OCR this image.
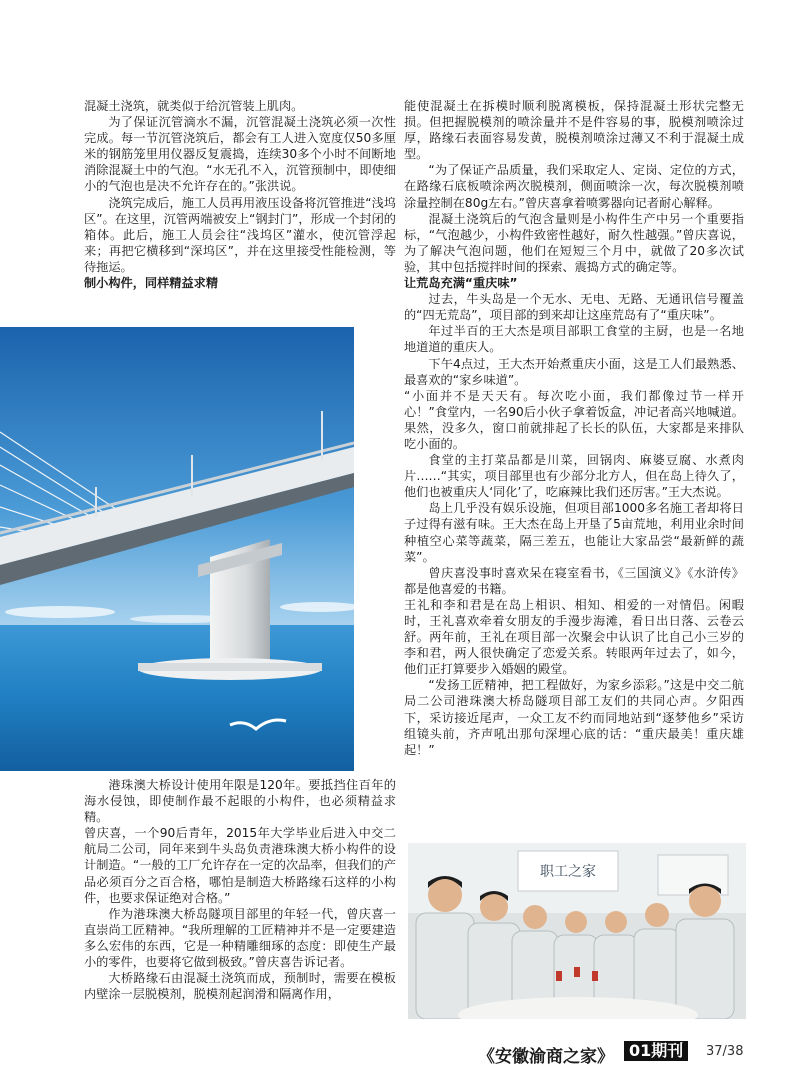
混凝土浇筑，就类似于给沉管装上肌肉。

为了保证沉管滴水不漏，沉管混凝土浇筑必须一次性完成。每一节沉管浇筑后，都会有工人进入宽度仅50多厘米的钢筋笼里用仪器反复震捣，连续30多个小时不间断地消除混凝土中的气泡。“水无孔不入，沉管预制中，即使细小的气泡也是决不允许存在的。”张洪说。

浇筑完成后，施工人员再用液压设备将沉管推进“浅坞区”。在这里，沉管两端被安上“钢封门”，形成一个封闭的箱体。此后，施工人员会往“浅坞区”灌水，使沉管浮起来；再把它横移到“深坞区”，并在这里接受性能检测，等待拖运。

制小构件，同样精益求精

港珠澳大桥设计使用年限是120年。要抵挡住百年的海水侵蚀，即使制作最不起眼的小构件，也必须精益求精。

曾庆喜，一个90后青年，2015年大学毕业后进入中交二航局二公司，同年来到牛头岛负责港珠澳大桥小构件的设计制造。“一般的工厂允许存在一定的次品率，但我们的产品必须百分之百合格，哪怕是制造大桥路缘石这样的小构件，也要求保证绝对合格。”

作为港珠澳大桥岛隧项目部里的年轻一代，曾庆喜一直崇尚工匠精神。“我所理解的工匠精神并不是一定要建造多么宏伟的东西，它是一种精雕细琢的态度：即使生产最小的零件，也要将它做到极致。”曾庆喜告诉记者。

大桥路缘石由混凝土浇筑而成，预制时，需要在模板内壁涂一层脱模剂，脱模剂起润滑和隔离作用，

能使混凝土在拆模时顺利脱离模板，保持混凝土形状完整无损。但把握脱模剂的喷涂量并不是件容易的事，脱模剂喷涂过厚，路缘石表面容易发黄，脱模剂喷涂过薄又不利于混凝土成型。

“为了保证产品质量，我们采取定人、定岗、定位的方式，在路缘石底板喷涂两次脱模剂，侧面喷涂一次，每次脱模剂喷涂量控制在80g左右。”曾庆喜拿着喷雾器向记者耐心解释。

混凝土浇筑后的气泡含量则是小构件生产中另一个重要指标，“气泡越少，小构件致密性越好，耐久性越强。”曾庆喜说，为了解决气泡问题，他们在短短三个月中，就做了20多次试验，其中包括搅拌时间的探索、震捣方式的确定等。

让荒岛充满“重庆味”

过去，牛头岛是一个无水、无电、无路、无通讯信号覆盖的“四无荒岛”，项目部的到来却让这座荒岛有了“重庆味”。

年过半百的王大杰是项目部职工食堂的主厨，也是一名地地道道的重庆人。

下午4点过，王大杰开始煮重庆小面，这是工人们最熟悉、最喜欢的“家乡味道”。

“小面并不是天天有。每次吃小面，我们都像过节一样开心！”食堂内，一名90后小伙子拿着饭盒，冲记者高兴地喊道。果然，没多久，窗口前就排起了长长的队伍，大家都是来排队吃小面的。

食堂的主打菜品都是川菜，回锅肉、麻婆豆腐、水煮肉片……“其实，项目部里也有少部分北方人，但在岛上待久了，他们也被重庆人‘同化’了，吃麻辣比我们还厉害。”王大杰说。

岛上几乎没有娱乐设施，但项目部1000多名施工者却将日子过得有滋有味。王大杰在岛上开垦了5亩荒地，利用业余时间种植空心菜等蔬菜，隔三差五，也能让大家品尝“最新鲜的蔬菜”。

曾庆喜没事时喜欢呆在寝室看书，《三国演义》《水浒传》都是他喜爱的书籍。

王礼和李和君是在岛上相识、相知、相爱的一对情侣。闲暇时，王礼喜欢牵着女朋友的手漫步海滩，看日出日落、云卷云舒。两年前，王礼在项目部一次聚会中认识了比自己小三岁的李和君，两人很快确定了恋爱关系。转眼两年过去了，如今，他们正打算要步入婚姻的殿堂。

“发扬工匠精神，把工程做好，为家乡添彩。”这是中交二航局二公司港珠澳大桥岛隧项目部工友们的共同心声。夕阳西下，采访接近尾声，一众工友不约而同地站到“逐梦他乡”采访组镜头前，齐声吼出那句深埋心底的话：“重庆最美！重庆雄起！”

职工之家
《安徽渝商之家》 01期刊	37/38
